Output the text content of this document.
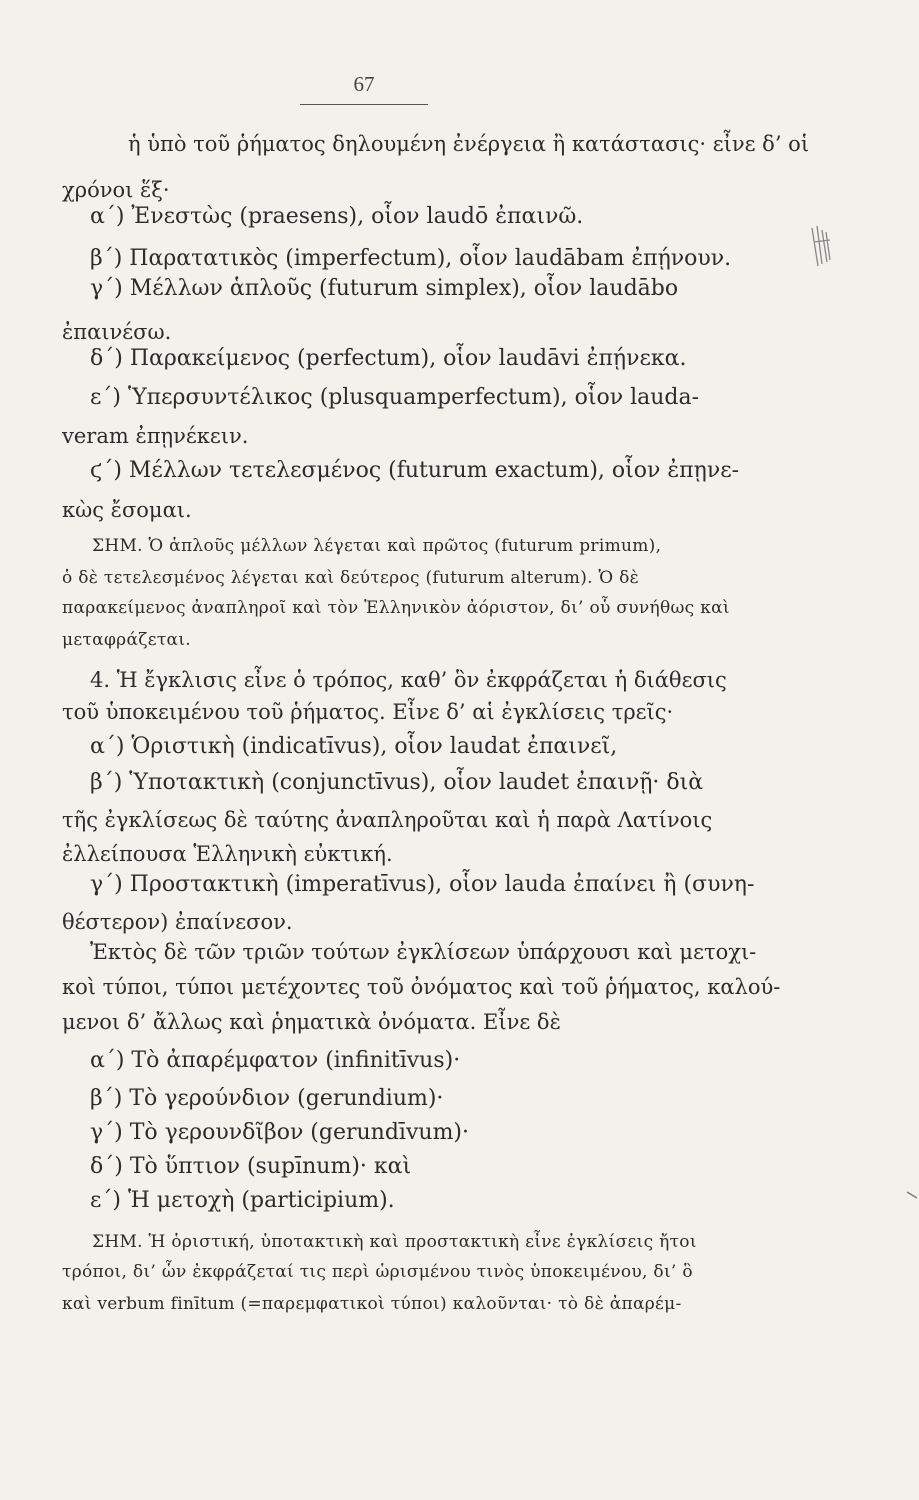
67
ἡ ὑπὸ τοῦ ῥήματος δηλουμένη ἐνέργεια ἢ κατάστασις· εἶνε δ’ οἱ
χρόνοι ἕξ·
α΄) Ἐνεστὼς (praesens), οἷον laudō ἐπαινῶ.
β΄) Παρατατικὸς (imperfectum), οἷον laudābam ἐπῄνουν.
γ΄) Μέλλων ἁπλοῦς (futurum simplex), οἷον laudābo
ἐπαινέσω.
δ΄) Παρακείμενος (perfectum), οἷον laudāvi ἐπῄνεκα.
ε΄) Ὑπερσυντέλικος (plusquamperfectum), οἷον lauda-
veram ἐπῃνέκειν.
ϛ΄) Μέλλων τετελεσμένος (futurum exactum), οἷον ἐπῃνε-
κὼς ἔσομαι.
ΣΗΜ. Ὁ ἁπλοῦς μέλλων λέγεται καὶ πρῶτος (futurum primum),
ὁ δὲ τετελεσμένος λέγεται καὶ δεύτερος (futurum alterum). Ὁ δὲ
παρακείμενος ἀναπληροῖ καὶ τὸν Ἑλληνικὸν ἀόριστον, δι’ οὗ συνήθως καὶ
μεταφράζεται.
4. Ἡ ἔγκλισις εἶνε ὁ τρόπος, καθ’ ὃν ἐκφράζεται ἡ διάθεσις
τοῦ ὑποκειμένου τοῦ ῥήματος. Εἶνε δ’ αἱ ἐγκλίσεις τρεῖς·
α΄) Ὁριστικὴ (indicatīvus), οἷον laudat ἐπαινεῖ,
β΄) Ὑποτακτικὴ (conjunctīvus), οἷον laudet ἐπαινῇ· διὰ
τῆς ἐγκλίσεως δὲ ταύτης ἀναπληροῦται καὶ ἡ παρὰ Λατίνοις
ἐλλείπουσα Ἑλληνικὴ εὐκτική.
γ΄) Προστακτικὴ (imperatīvus), οἷον lauda ἐπαίνει ἢ (συνη-
θέστερον) ἐπαίνεσον.
Ἐκτὸς δὲ τῶν τριῶν τούτων ἐγκλίσεων ὑπάρχουσι καὶ μετοχι-
κοὶ τύποι, τύποι μετέχοντες τοῦ ὀνόματος καὶ τοῦ ῥήματος, καλού-
μενοι δ’ ἄλλως καὶ ῥηματικὰ ὀνόματα. Εἶνε δὲ
α΄) Τὸ ἀπαρέμφατον (infinitīvus)·
β΄) Τὸ γερούνδιον (gerundium)·
γ΄) Τὸ γερουνδῖβον (gerundīvum)·
δ΄) Τὸ ὕπτιον (supīnum)· καὶ
ε΄) Ἡ μετοχὴ (participium).
ΣΗΜ. Ἡ ὁριστική, ὑποτακτικὴ καὶ προστακτικὴ εἶνε ἐγκλίσεις ἤτοι
τρόποι, δι’ ὧν ἐκφράζεταί τις περὶ ὡρισμένου τινὸς ὑποκειμένου, δι’ ὃ
καὶ verbum finītum (=παρεμφατικοὶ τύποι) καλοῦνται· τὸ δὲ ἀπαρέμ-
